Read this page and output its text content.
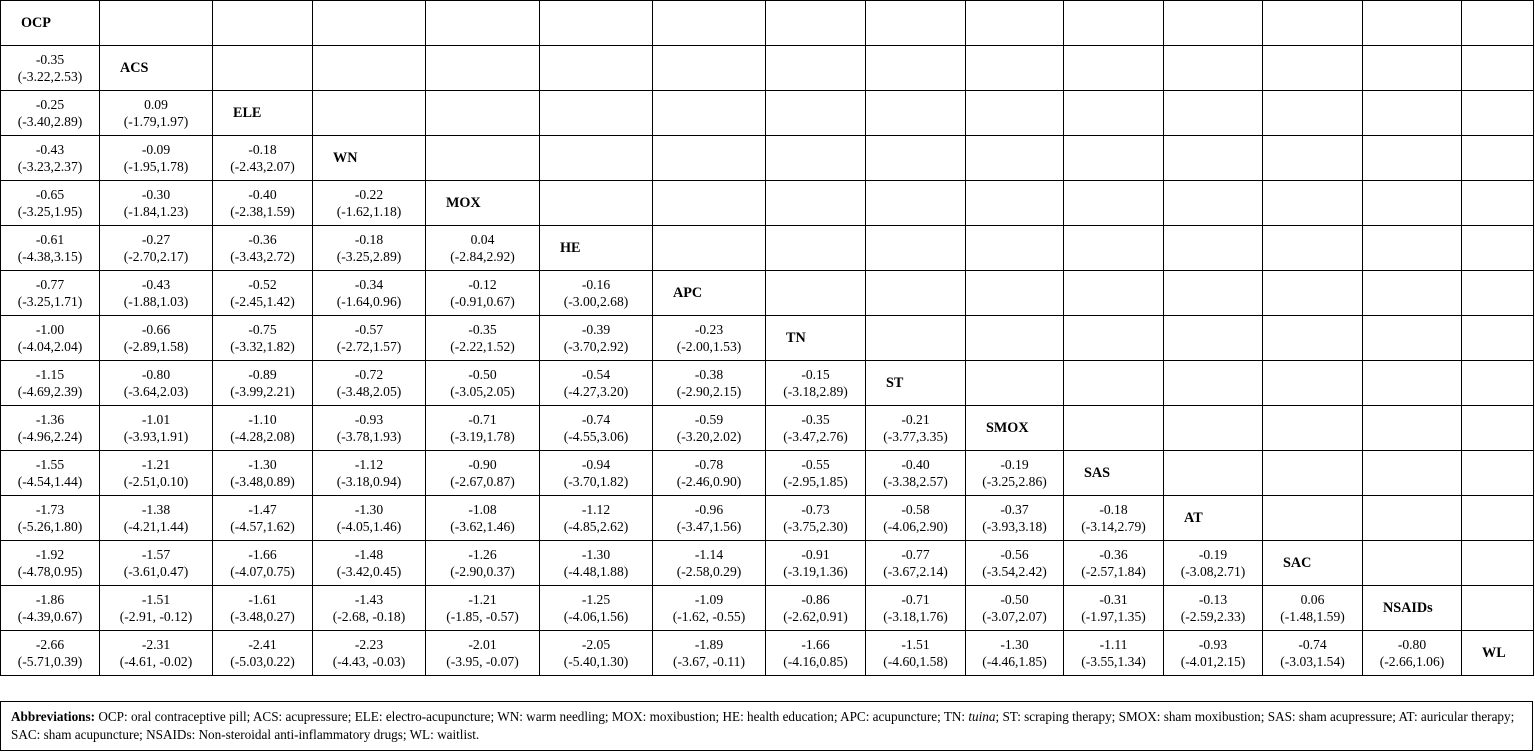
OCP														

-0.35
(-3.22,2.53)	ACS													

-0.25
(-3.40,2.89)	0.09
(-1.79,1.97)	ELE												

-0.43
(-3.23,2.37)	-0.09
(-1.95,1.78)	-0.18
(-2.43,2.07)	WN											

-0.65
(-3.25,1.95)	-0.30
(-1.84,1.23)	-0.40
(-2.38,1.59)	-0.22
(-1.62,1.18)	MOX										

-0.61
(-4.38,3.15)	-0.27
(-2.70,2.17)	-0.36
(-3.43,2.72)	-0.18
(-3.25,2.89)	0.04
(-2.84,2.92)	HE									

-0.77
(-3.25,1.71)	-0.43
(-1.88,1.03)	-0.52
(-2.45,1.42)	-0.34
(-1.64,0.96)	-0.12
(-0.91,0.67)	-0.16
(-3.00,2.68)	APC								

-1.00
(-4.04,2.04)	-0.66
(-2.89,1.58)	-0.75
(-3.32,1.82)	-0.57
(-2.72,1.57)	-0.35
(-2.22,1.52)	-0.39
(-3.70,2.92)	-0.23
(-2.00,1.53)	TN							

-1.15
(-4.69,2.39)	-0.80
(-3.64,2.03)	-0.89
(-3.99,2.21)	-0.72
(-3.48,2.05)	-0.50
(-3.05,2.05)	-0.54
(-4.27,3.20)	-0.38
(-2.90,2.15)	-0.15
(-3.18,2.89)	ST						

-1.36
(-4.96,2.24)	-1.01
(-3.93,1.91)	-1.10
(-4.28,2.08)	-0.93
(-3.78,1.93)	-0.71
(-3.19,1.78)	-0.74
(-4.55,3.06)	-0.59
(-3.20,2.02)	-0.35
(-3.47,2.76)	-0.21
(-3.77,3.35)	SMOX					

-1.55
(-4.54,1.44)	-1.21
(-2.51,0.10)	-1.30
(-3.48,0.89)	-1.12
(-3.18,0.94)	-0.90
(-2.67,0.87)	-0.94
(-3.70,1.82)	-0.78
(-2.46,0.90)	-0.55
(-2.95,1.85)	-0.40
(-3.38,2.57)	-0.19
(-3.25,2.86)	SAS				

-1.73
(-5.26,1.80)	-1.38
(-4.21,1.44)	-1.47
(-4.57,1.62)	-1.30
(-4.05,1.46)	-1.08
(-3.62,1.46)	-1.12
(-4.85,2.62)	-0.96
(-3.47,1.56)	-0.73
(-3.75,2.30)	-0.58
(-4.06,2.90)	-0.37
(-3.93,3.18)	-0.18
(-3.14,2.79)	AT			

-1.92
(-4.78,0.95)	-1.57
(-3.61,0.47)	-1.66
(-4.07,0.75)	-1.48
(-3.42,0.45)	-1.26
(-2.90,0.37)	-1.30
(-4.48,1.88)	-1.14
(-2.58,0.29)	-0.91
(-3.19,1.36)	-0.77
(-3.67,2.14)	-0.56
(-3.54,2.42)	-0.36
(-2.57,1.84)	-0.19
(-3.08,2.71)	SAC		

-1.86
(-4.39,0.67)	-1.51
(-2.91, -0.12)	-1.61
(-3.48,0.27)	-1.43
(-2.68, -0.18)	-1.21
(-1.85, -0.57)	-1.25
(-4.06,1.56)	-1.09
(-1.62, -0.55)	-0.86
(-2.62,0.91)	-0.71
(-3.18,1.76)	-0.50
(-3.07,2.07)	-0.31
(-1.97,1.35)	-0.13
(-2.59,2.33)	0.06
(-1.48,1.59)	NSAIDs	

-2.66
(-5.71,0.39)	-2.31
(-4.61, -0.02)	-2.41
(-5.03,0.22)	-2.23
(-4.43, -0.03)	-2.01
(-3.95, -0.07)	-2.05
(-5.40,1.30)	-1.89
(-3.67, -0.11)	-1.66
(-4.16,0.85)	-1.51
(-4.60,1.58)	-1.30
(-4.46,1.85)	-1.11
(-3.55,1.34)	-0.93
(-4.01,2.15)	-0.74
(-3.03,1.54)	-0.80
(-2.66,1.06)	WL
Abbreviations: OCP: oral contraceptive pill; ACS: acupressure; ELE: electro-acupuncture; WN: warm needling; MOX: moxibustion; HE: health education; APC: acupuncture; TN: tuina; ST: scraping therapy; SMOX: sham moxibustion; SAS: sham acupressure; AT: auricular therapy; SAC: sham acupuncture; NSAIDs: Non-steroidal anti-inflammatory drugs; WL: waitlist.
